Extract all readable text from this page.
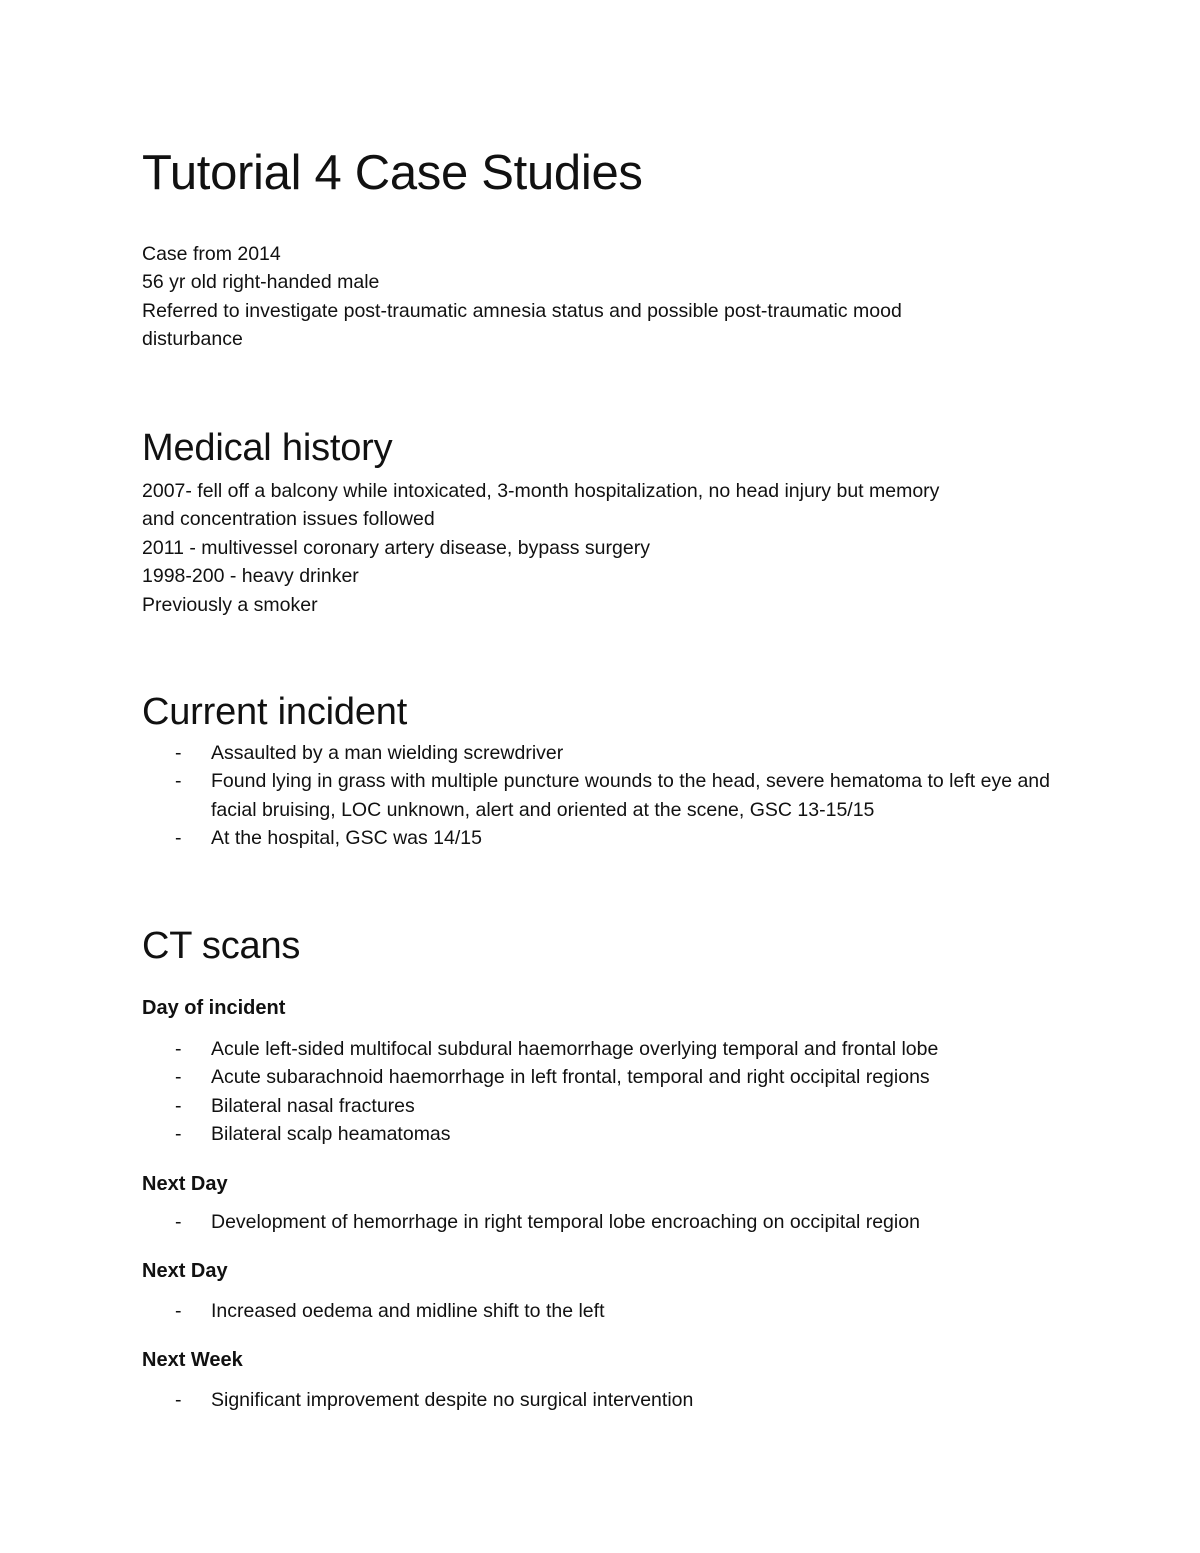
Tutorial 4 Case Studies
Case from 2014
56 yr old right-handed male
Referred to investigate post-traumatic amnesia status and possible post-traumatic mood
disturbance
Medical history
2007- fell off a balcony while intoxicated, 3-month hospitalization, no head injury but memory
and concentration issues followed
2011 - multivessel coronary artery disease, bypass surgery
1998-200 - heavy drinker
Previously a smoker
Current incident
- Assaulted by a man wielding screwdriver
- Found lying in grass with multiple puncture wounds to the head, severe hematoma to left eye and facial bruising, LOC unknown, alert and oriented at the scene, GSC 13-15/15
- At the hospital, GSC was 14/15
CT scans
Day of incident
- Acule left-sided multifocal subdural haemorrhage overlying temporal and frontal lobe
- Acute subarachnoid haemorrhage in left frontal, temporal and right occipital regions
- Bilateral nasal fractures
- Bilateral scalp heamatomas
Next Day
- Development of hemorrhage in right temporal lobe encroaching on occipital region
Next Day
- Increased oedema and midline shift to the left
Next Week
- Significant improvement despite no surgical intervention
